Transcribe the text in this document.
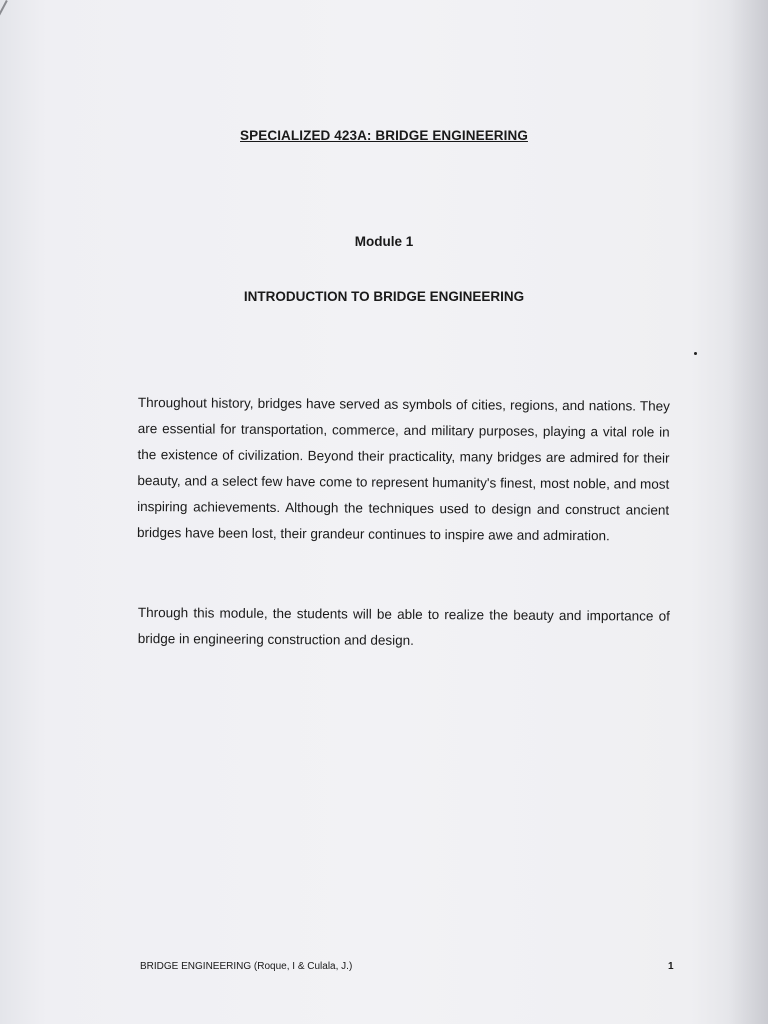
SPECIALIZED 423A: BRIDGE ENGINEERING
Module 1
INTRODUCTION TO BRIDGE ENGINEERING

Throughout history, bridges have served as symbols of cities, regions, and nations. They are essential for transportation, commerce, and military purposes, playing a vital role in the existence of civilization. Beyond their practicality, many bridges are admired for their beauty, and a select few have come to represent humanity's finest, most noble, and most inspiring achievements. Although the techniques used to design and construct ancient bridges have been lost, their grandeur continues to inspire awe and admiration.

Through this module, the students will be able to realize the beauty and importance of bridge in engineering construction and design.

BRIDGE ENGINEERING (Roque, I & Culala, J.)	1
